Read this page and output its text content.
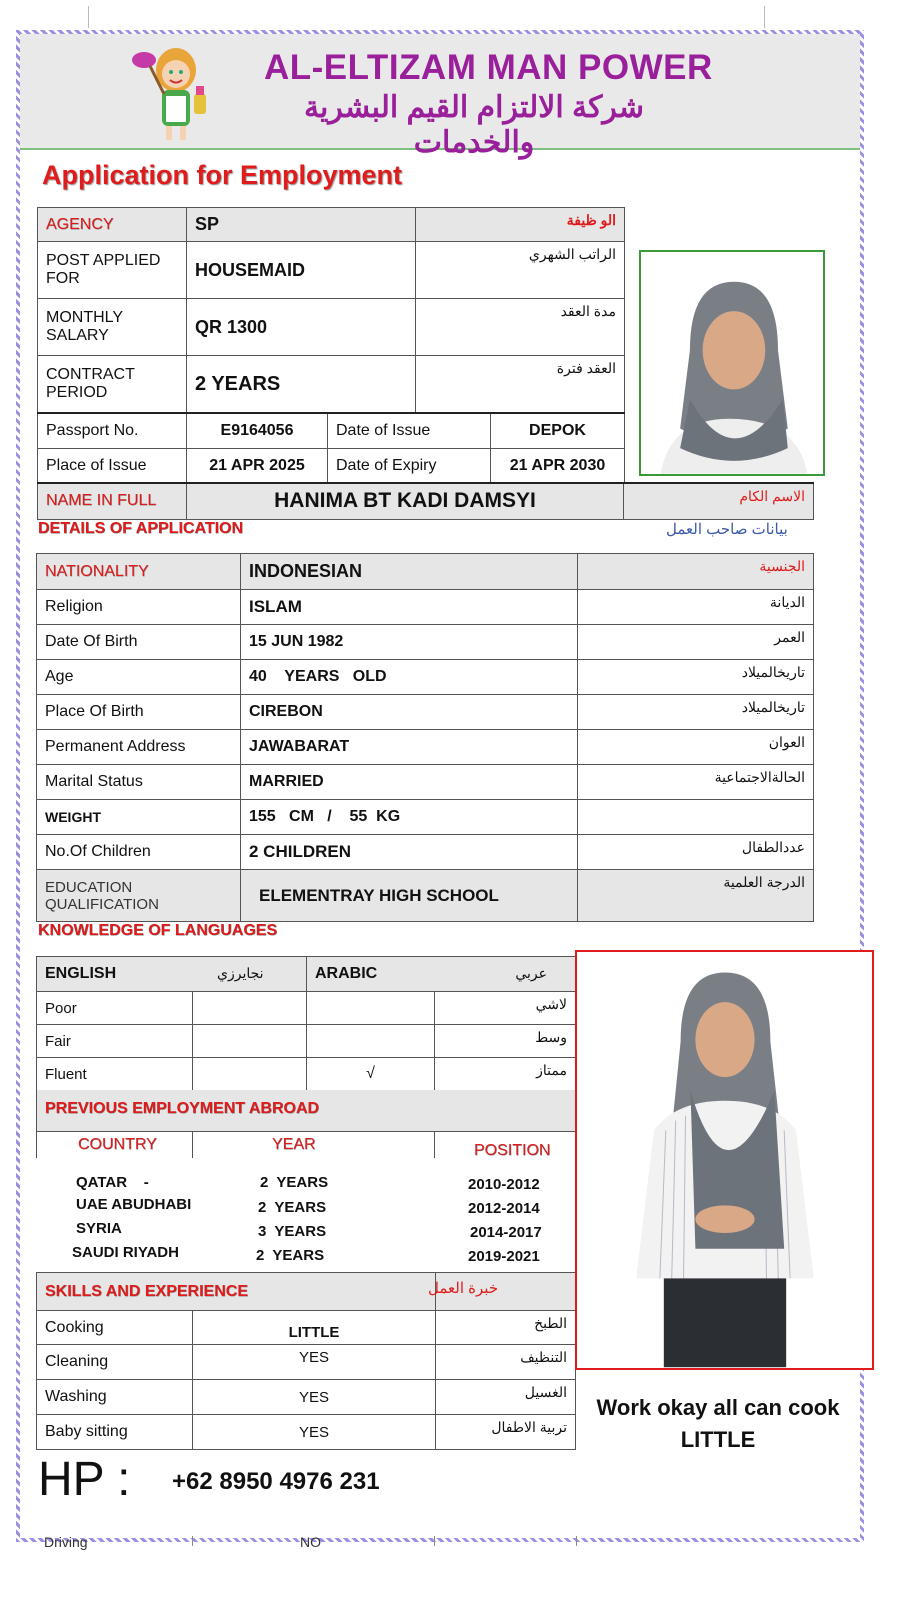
AL-ELTIZAM MAN POWER
شركة الالتزام القيم البشرية والخدمات
Application for Employment
AGENCY	SP	الو ظيفة
POST APPLIED FOR	HOUSEMAID	الراتب الشهري
MONTHLY SALARY	QR 1300	مدة العقد
CONTRACT PERIOD	2 YEARS	العقد فترة
Passport No.	E9164056	Date of Issue	DEPOK
Place of Issue	21 APR 2025	Date of Expiry	21 APR 2030
NAME IN FULL	HANIMA BT KADI DAMSYI	الاسم الكام
DETAILS OF APPLICATION	بيانات صاحب العمل
NATIONALITY	INDONESIAN	الجنسية
Religion	ISLAM	الديانة
Date Of Birth	15 JUN 1982	العمر
Age	40    YEARS   OLD	تاريخالميلاد
Place Of Birth	CIREBON	تاريخالميلاد
Permanent Address	JAWABARAT	العوان
Marital Status	MARRIED	الحالةالاجتماعية
WEIGHT	155   CM   /    55  KG	
No.Of Children	2 CHILDREN	عددالطفال
EDUCATION QUALIFICATION	ELEMENTRAY HIGH SCHOOL	الدرجة العلمية
KNOWLEDGE OF LANGUAGES
ENGLISH نجايرزي		ARABIC عربي	

Poor			لاشي
Fair			وسط
Fluent		√	ممتاز
PREVIOUS EMPLOYMENT ABROAD
COUNTRY	YEAR	POSITION
QATAR    -	2  YEARS	2010-2012
UAE ABUDHABI	2  YEARS	2012-2014
SYRIA	3  YEARS	2014-2017
SAUDI RIYADH	2  YEARS	2019-2021
SKILLS AND EXPERIENCE		خبرة العمل

Cooking	LITTLE	الطبخ
Cleaning	YES	التنظيف
Washing	YES	الغسيل
Baby sitting	YES	تربية الاطفال
Work okay all can cook
LITTLE
HP : +62 8950 4976 231
Driving	NO
